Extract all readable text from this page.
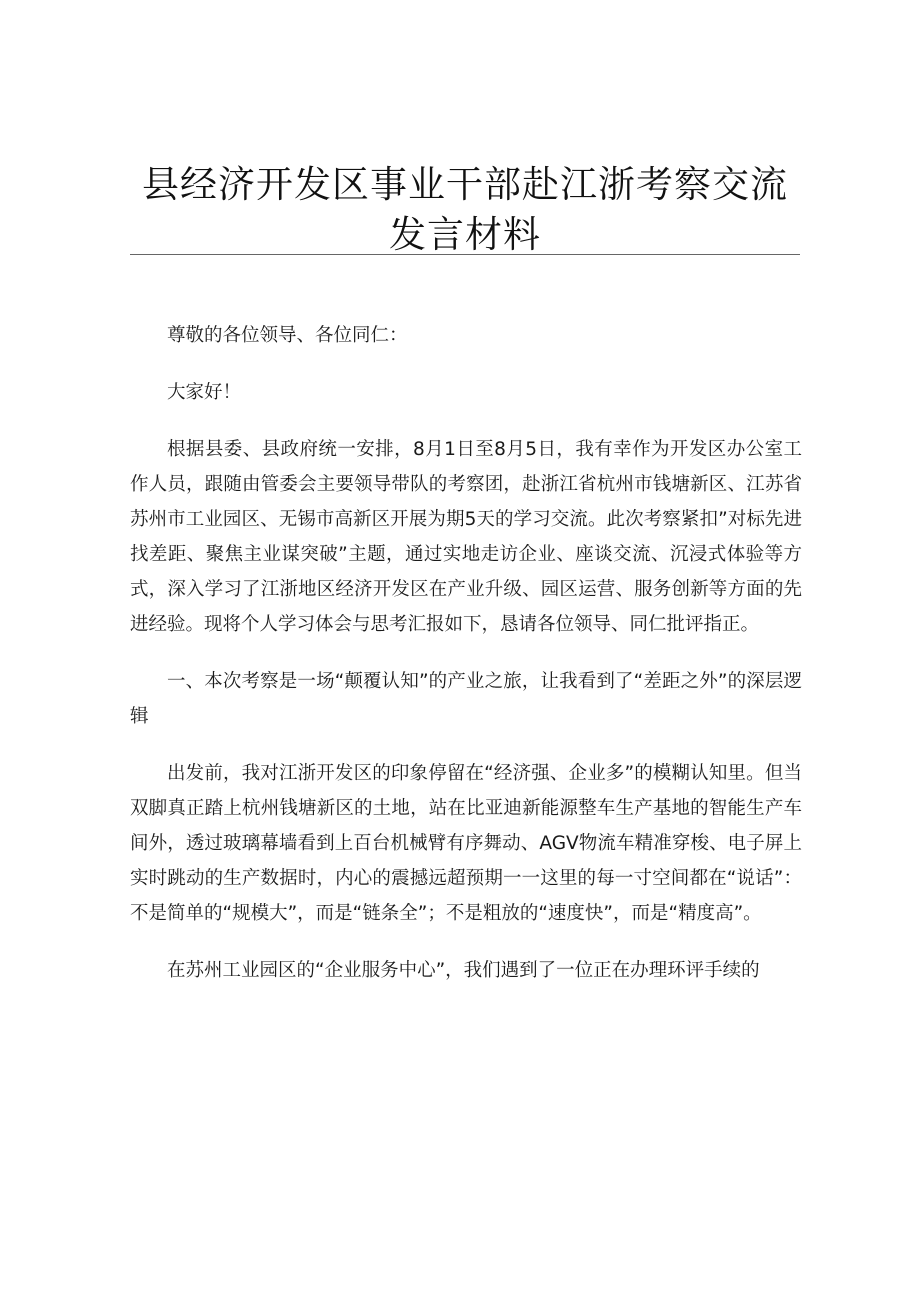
县经济开发区事业干部赴江浙考察交流发言材料

尊敬的各位领导、各位同仁：

大家好！

根据县委、县政府统一安排，8月1日至8月5日，我有幸作为开发区办公室工作人员，跟随由管委会主要领导带队的考察团，赴浙江省杭州市钱塘新区、江苏省苏州市工业园区、无锡市高新区开展为期5天的学习交流。此次考察紧扣”对标先进找差距、聚焦主业谋突破”主题，通过实地走访企业、座谈交流、沉浸式体验等方式，深入学习了江浙地区经济开发区在产业升级、园区运营、服务创新等方面的先进经验。现将个人学习体会与思考汇报如下，恳请各位领导、同仁批评指正。

一、本次考察是一场“颠覆认知”的产业之旅，让我看到了“差距之外”的深层逻辑

出发前，我对江浙开发区的印象停留在“经济强、企业多”的模糊认知里。但当双脚真正踏上杭州钱塘新区的土地，站在比亚迪新能源整车生产基地的智能生产车间外，透过玻璃幕墙看到上百台机械臂有序舞动、AGV物流车精准穿梭、电子屏上实时跳动的生产数据时，内心的震撼远超预期一一这里的每一寸空间都在“说话”：不是简单的“规模大”，而是“链条全”；不是粗放的“速度快”，而是“精度高”。

在苏州工业园区的“企业服务中心”，我们遇到了一位正在办理环评手续的
